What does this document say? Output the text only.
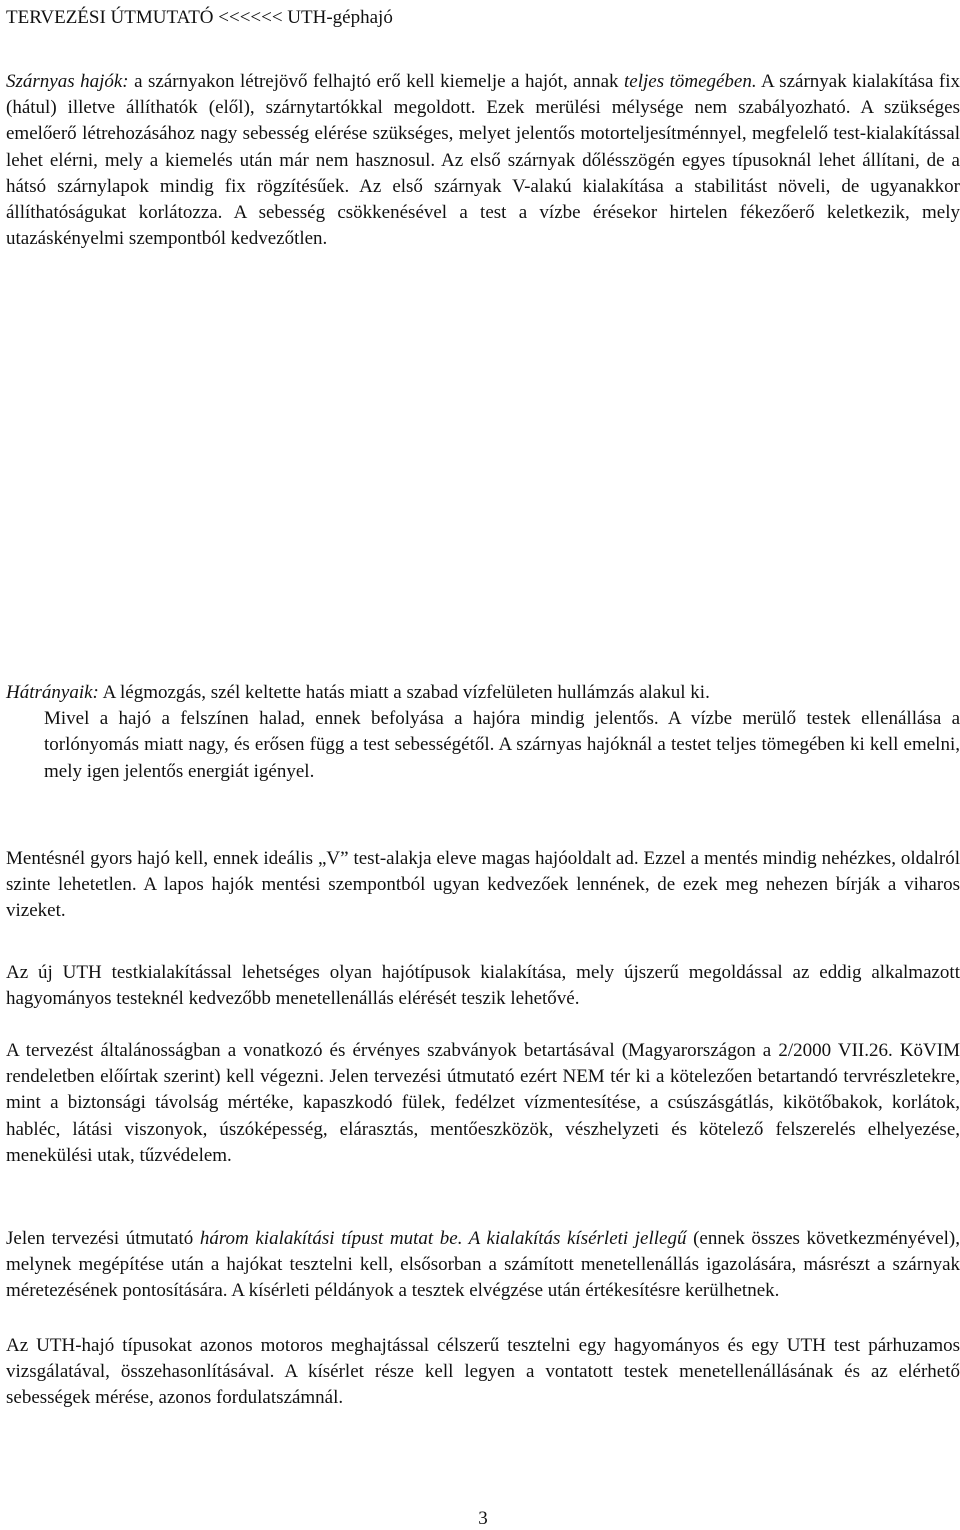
TERVEZÉSI ÚTMUTATÓ <<<<<< UTH-géphajó
Szárnyas hajók: a szárnyakon létrejövő felhajtó erő kell kiemelje a hajót, annak teljes tömegében. A szárnyak kialakítása fix (hátul) illetve állíthatók (elől), szárnytartókkal megoldott. Ezek merülési mélysége nem szabályozható. A szükséges emelőerő létrehozásához nagy sebesség elérése szükséges, melyet jelentős motorteljesítménnyel, megfelelő test-kialakítással lehet elérni, mely a kiemelés után már nem hasznosul. Az első szárnyak dőlésszögén egyes típusoknál lehet állítani, de a hátsó szárnylapok mindig fix rögzítésűek. Az első szárnyak V-alakú kialakítása a stabilitást növeli, de ugyanakkor állíthatóságukat korlátozza. A sebesség csökkenésével a test a vízbe érésekor hirtelen fékezőerő keletkezik, mely utazáskényelmi szempontból kedvezőtlen.
Hátrányaik: A légmozgás, szél keltette hatás miatt a szabad vízfelületen hullámzás alakul ki.
Mivel a hajó a felszínen halad, ennek befolyása a hajóra mindig jelentős. A vízbe merülő testek ellenállása a torlónyomás miatt nagy, és erősen függ a test sebességétől. A szárnyas hajóknál a testet teljes tömegében ki kell emelni, mely igen jelentős energiát igényel.
Mentésnél gyors hajó kell, ennek ideális „V” test-alakja eleve magas hajóoldalt ad. Ezzel a mentés mindig nehézkes, oldalról szinte lehetetlen. A lapos hajók mentési szempontból ugyan kedvezőek lennének, de ezek meg nehezen bírják a viharos vizeket.
Az új UTH testkialakítással lehetséges olyan hajótípusok kialakítása, mely újszerű megoldással az eddig alkalmazott hagyományos testeknél kedvezőbb menetellenállás elérését teszik lehetővé.
A tervezést általánosságban a vonatkozó és érvényes szabványok betartásával (Magyarországon a 2/2000 VII.26. KöVIM rendeletben előírtak szerint) kell végezni. Jelen tervezési útmutató ezért NEM tér ki a kötelezően betartandó tervrészletekre, mint a biztonsági távolság mértéke, kapaszkodó fülek, fedélzet vízmentesítése, a csúszásgátlás, kikötőbakok, korlátok, habléc, látási viszonyok, úszóképesség, elárasztás, mentőeszközök, vészhelyzeti és kötelező felszerelés elhelyezése, menekülési utak, tűzvédelem.
Jelen tervezési útmutató három kialakítási típust mutat be. A kialakítás kísérleti jellegű (ennek összes következményével), melynek megépítése után a hajókat tesztelni kell, elsősorban a számított menetellenállás igazolására, másrészt a szárnyak méretezésének pontosítására. A kísérleti példányok a tesztek elvégzése után értékesítésre kerülhetnek.
Az UTH-hajó típusokat azonos motoros meghajtással célszerű tesztelni egy hagyományos és egy UTH test párhuzamos vizsgálatával, összehasonlításával. A kísérlet része kell legyen a vontatott testek menetellenállásának és az elérhető sebességek mérése, azonos fordulatszámnál.
3
